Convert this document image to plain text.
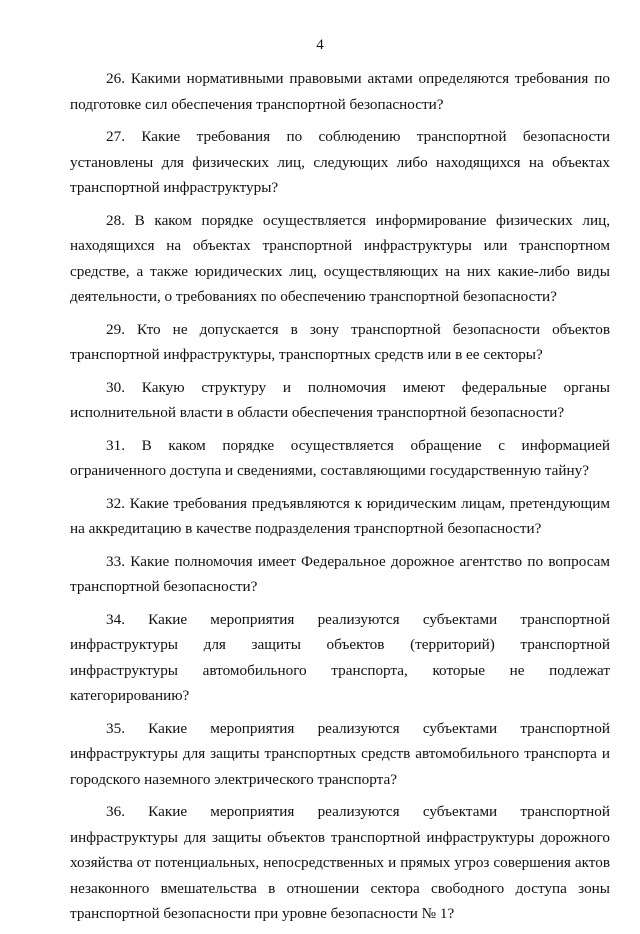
4
26. Какими нормативными правовыми актами определяются требования по подготовке сил обеспечения транспортной безопасности?
27. Какие требования по соблюдению транспортной безопасности установлены для физических лиц, следующих либо находящихся на объектах транспортной инфраструктуры?
28. В каком порядке осуществляется информирование физических лиц, находящихся на объектах транспортной инфраструктуры или транспортном средстве, а также юридических лиц, осуществляющих на них какие-либо виды деятельности, о требованиях по обеспечению транспортной безопасности?
29. Кто не допускается в зону транспортной безопасности объектов транспортной инфраструктуры, транспортных средств или в ее секторы?
30. Какую структуру и полномочия имеют федеральные органы исполнительной власти в области обеспечения транспортной безопасности?
31. В каком порядке осуществляется обращение с информацией ограниченного доступа и сведениями, составляющими государственную тайну?
32. Какие требования предъявляются к юридическим лицам, претендующим на аккредитацию в качестве подразделения транспортной безопасности?
33. Какие полномочия имеет Федеральное дорожное агентство по вопросам транспортной безопасности?
34. Какие мероприятия реализуются субъектами транспортной инфраструктуры для защиты объектов (территорий) транспортной инфраструктуры автомобильного транспорта, которые не подлежат категорированию?
35. Какие мероприятия реализуются субъектами транспортной инфраструктуры для защиты транспортных средств автомобильного транспорта и городского наземного электрического транспорта?
36. Какие мероприятия реализуются субъектами транспортной инфраструктуры для защиты объектов транспортной инфраструктуры дорожного хозяйства от потенциальных, непосредственных и прямых угроз совершения актов незаконного вмешательства в отношении сектора свободного доступа зоны транспортной безопасности при уровне безопасности № 1?
